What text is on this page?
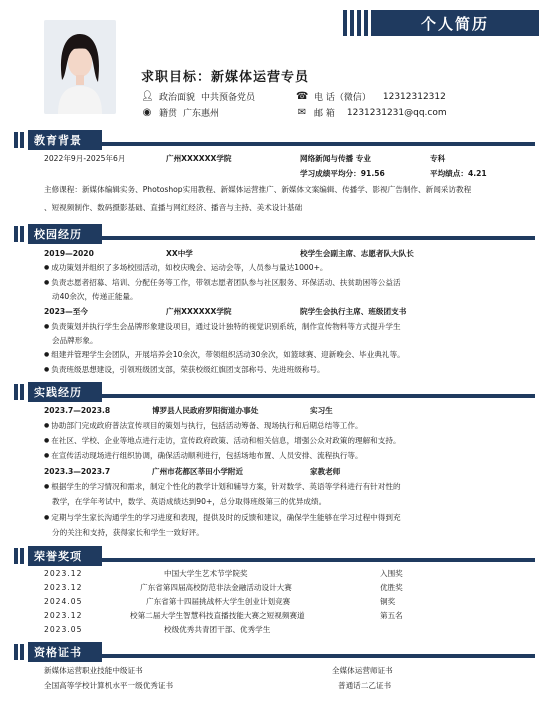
个人简历
求职目标：新媒体运营专员
👤︎ 政治面貌 中共预备党员
◉ 籍贯 广东惠州
☎ 电 话（微信） 12312312312
✉ 邮 箱 1231231231@qq.com
教育背景
2022年9月-2025年6月	广州XXXXXX学院	网络新闻与传播 专业	专科
学习成绩平均分：91.56	平均绩点：4.21
主修课程：新媒体编辑实务、Photoshop实用教程、新媒体运营推广、新媒体文案编辑、传播学、影视广告制作、新闻采访教程
、短视频制作、数码摄影基础、直播与网红经济、播音与主持、美术设计基础
校园经历
2019—2020	XX中学	校学生会副主席、志愿者队大队长
● 成功策划并组织了多场校园活动，如校庆晚会、运动会等，人员参与量达1000+。
● 负责志愿者招募、培训、分配任务等工作，带领志愿者团队参与社区服务、环保活动、扶贫助困等公益活
动40余次，传递正能量。
2023—至今	广州XXXXXX学院	院学生会执行主席、班级团支书
● 负责策划并执行学生会品牌形象建设项目，通过设计独特的视觉识别系统，制作宣传物料等方式提升学生
会品牌形象。
● 组建并管理学生会团队，开展培养会10余次，带领组织活动30余次，如篮球赛、迎新晚会、毕业典礼等。
● 负责班级思想建设，引领班级团支部，荣获校级红旗团支部称号、先进班级称号。
实践经历
2023.7—2023.8	博罗县人民政府罗阳街道办事处	实习生
● 协助部门完成政府普法宣传项目的策划与执行，包括活动筹备、现场执行和后期总结等工作。
● 在社区、学校、企业等地点进行走访，宣传政府政策、活动和相关信息，增强公众对政策的理解和支持。
● 在宣传活动现场进行组织协调，确保活动顺利进行，包括场地布置、人员安排、流程执行等。
2023.3—2023.7	广州市花都区莘田小学附近	家教老师
● 根据学生的学习情况和需求，制定个性化的教学计划和辅导方案，针对数学、英语等学科进行有针对性的
教学，在学年考试中，数学、英语成绩达到90+，总分取得班级第三的优异成绩。
● 定期与学生家长沟通学生的学习进度和表现，提供及时的反馈和建议，确保学生能够在学习过程中得到充
分的关注和支持，获得家长和学生一致好评。
荣誉奖项
2023.12	中国大学生艺术节学院奖	入围奖
2023.12	广东省第四届高校防范非法金融活动设计大赛	优胜奖
2024.05	广东省第十四届挑战杯大学生创业计划竞赛	铜奖
2023.12	校第二届大学生智慧科技直播技能大赛之短视频赛道	第五名
2023.05	校级优秀共青团干部、优秀学生
资格证书
新媒体运营职业技能中级证书	全媒体运营师证书
全国高等学校计算机水平一级优秀证书	普通话二乙证书
